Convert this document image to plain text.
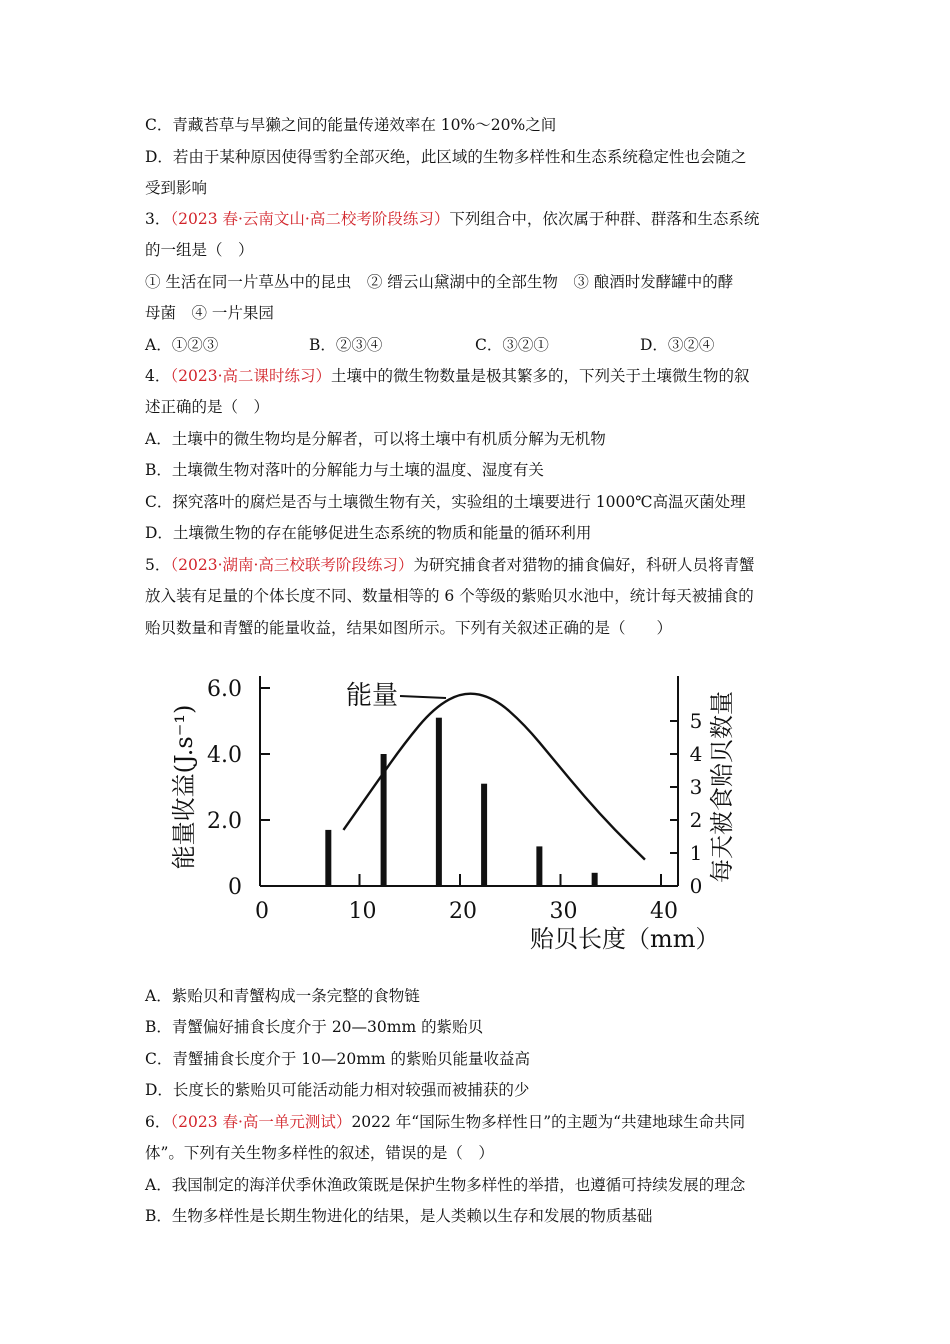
C．青藏苔草与旱獭之间的能量传递效率在 10%～20%之间
D．若由于某种原因使得雪豹全部灭绝，此区域的生物多样性和生态系统稳定性也会随之
受到影响
3．（2023 春·云南文山·高二校考阶段练习）下列组合中，依次属于种群、群落和生态系统
的一组是（　）
① 生活在同一片草丛中的昆虫　② 缙云山黛湖中的全部生物　③ 酿酒时发酵罐中的酵
母菌　④ 一片果园
A．①②③	B．②③④	C．③②①	D．③②④
4．（2023·高二课时练习）土壤中的微生物数量是极其繁多的，下列关于土壤微生物的叙
述正确的是（　）
A．土壤中的微生物均是分解者，可以将土壤中有机质分解为无机物
B．土壤微生物对落叶的分解能力与土壤的温度、湿度有关
C．探究落叶的腐烂是否与土壤微生物有关，实验组的土壤要进行 1000℃高温灭菌处理
D．土壤微生物的存在能够促进生态系统的物质和能量的循环利用
5．（2023·湖南·高三校联考阶段练习）为研究捕食者对猎物的捕食偏好，科研人员将青蟹
放入装有足量的个体长度不同、数量相等的 6 个等级的紫贻贝水池中，统计每天被捕食的
贻贝数量和青蟹的能量收益，结果如图所示。下列有关叙述正确的是（　　）
0
2.0
4.0
6.0
0
1
2
3
4
5
0	10	20	30	40
能量
贻贝长度（mm）
能量收益(J.s⁻¹)	每天被食贻贝数量
A．紫贻贝和青蟹构成一条完整的食物链
B．青蟹偏好捕食长度介于 20—30mm 的紫贻贝
C．青蟹捕食长度介于 10—20mm 的紫贻贝能量收益高
D．长度长的紫贻贝可能活动能力相对较强而被捕获的少
6．（2023 春·高一单元测试）2022 年“国际生物多样性日”的主题为“共建地球生命共同
体”。下列有关生物多样性的叙述，错误的是（　）
A．我国制定的海洋伏季休渔政策既是保护生物多样性的举措，也遵循可持续发展的理念
B．生物多样性是长期生物进化的结果，是人类赖以生存和发展的物质基础
